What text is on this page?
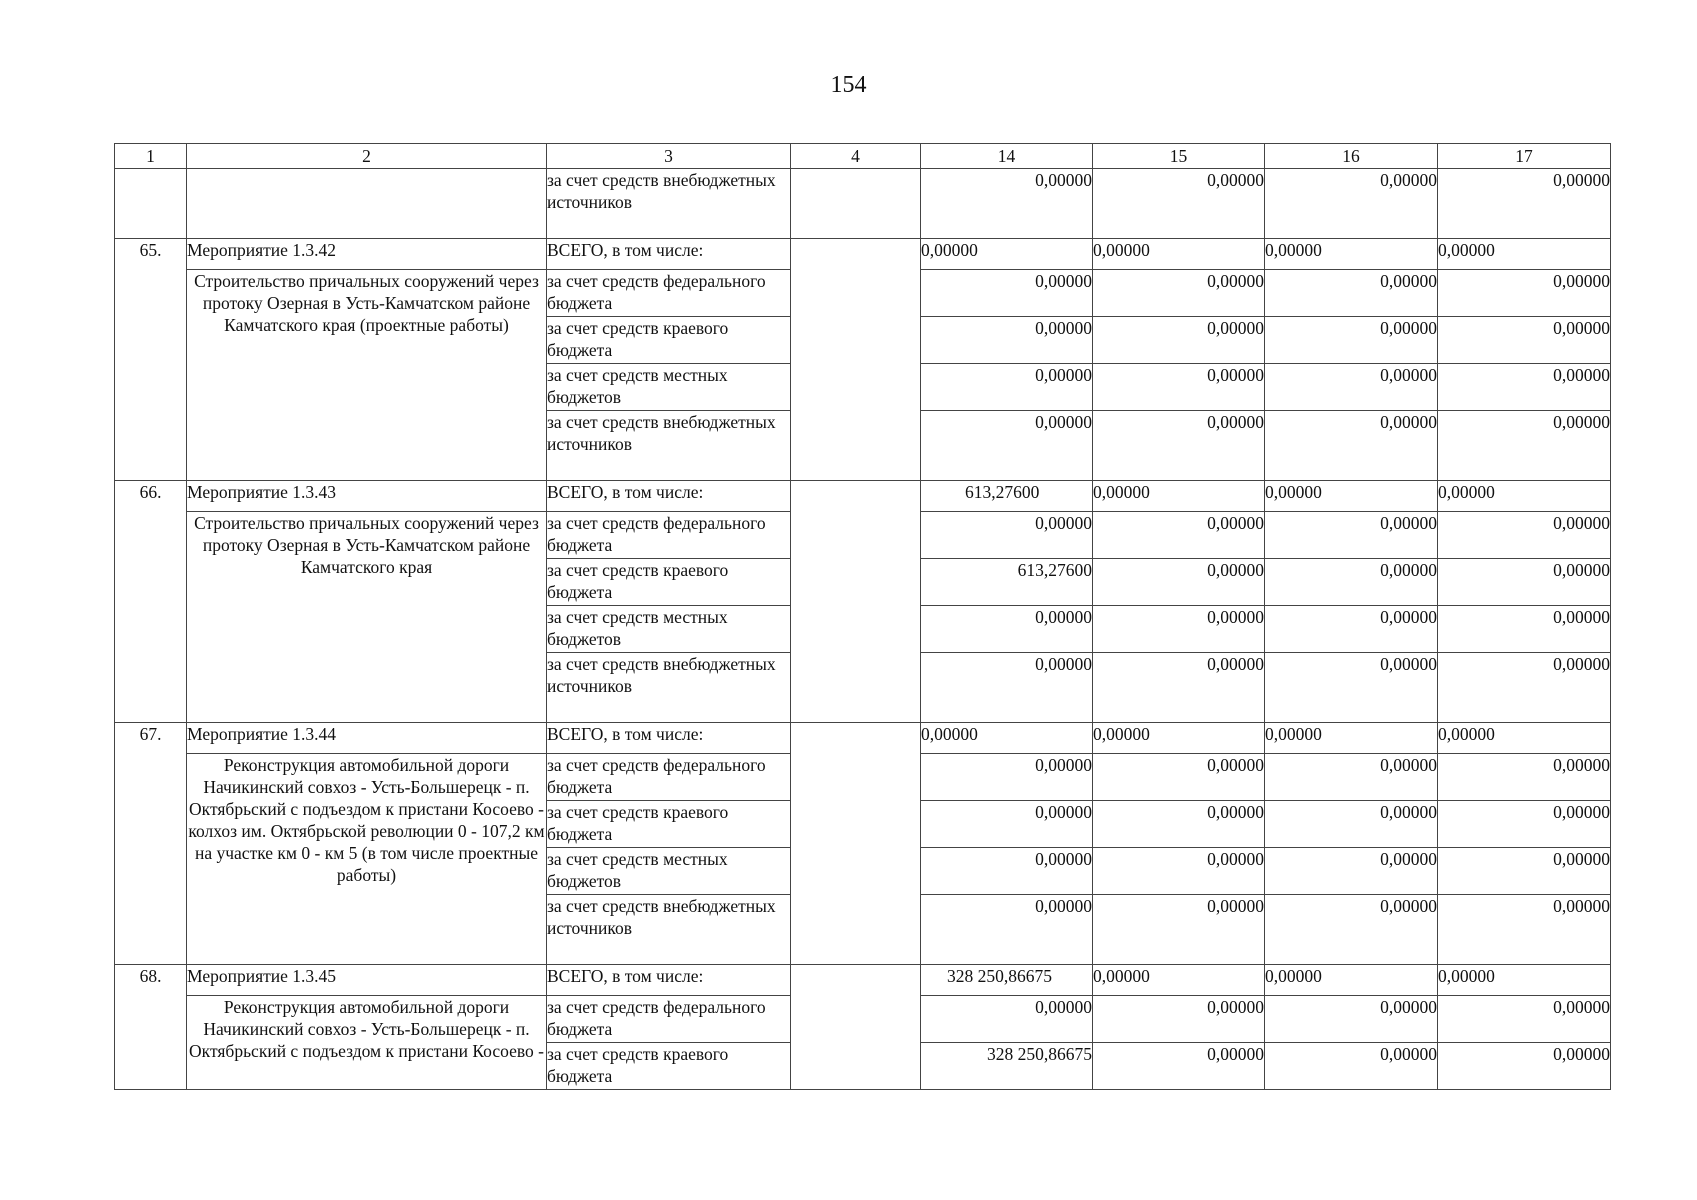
154
1	2	3	4	14	15	16	17
		за счет средств внебюджетных источников		0,00000	0,00000	0,00000	0,00000
65.	Мероприятие 1.3.42	ВСЕГО, в том числе:		0,00000	0,00000	0,00000	0,00000
	Строительство причальных сооружений через протоку Озерная в Усть-Камчатском районе Камчатского края (проектные работы)	за счет средств федерального бюджета		0,00000	0,00000	0,00000	0,00000
		за счет средств краевого бюджета		0,00000	0,00000	0,00000	0,00000
		за счет средств местных бюджетов		0,00000	0,00000	0,00000	0,00000
		за счет средств внебюджетных источников		0,00000	0,00000	0,00000	0,00000
66.	Мероприятие 1.3.43	ВСЕГО, в том числе:		613,27600	0,00000	0,00000	0,00000
	Строительство причальных сооружений через протоку Озерная в Усть-Камчатском районе Камчатского края	за счет средств федерального бюджета		0,00000	0,00000	0,00000	0,00000
		за счет средств краевого бюджета		613,27600	0,00000	0,00000	0,00000
		за счет средств местных бюджетов		0,00000	0,00000	0,00000	0,00000
		за счет средств внебюджетных источников		0,00000	0,00000	0,00000	0,00000
67.	Мероприятие 1.3.44	ВСЕГО, в том числе:		0,00000	0,00000	0,00000	0,00000
	Реконструкция автомобильной дороги Начикинский совхоз - Усть-Большерецк - п. Октябрьский с подъездом к пристани Косоево - колхоз им. Октябрьской революции 0 - 107,2 км на участке км 0 - км 5 (в том числе проектные работы)	за счет средств федерального бюджета		0,00000	0,00000	0,00000	0,00000
		за счет средств краевого бюджета		0,00000	0,00000	0,00000	0,00000
		за счет средств местных бюджетов		0,00000	0,00000	0,00000	0,00000
		за счет средств внебюджетных источников		0,00000	0,00000	0,00000	0,00000
68.	Мероприятие 1.3.45	ВСЕГО, в том числе:		328 250,86675	0,00000	0,00000	0,00000
	Реконструкция автомобильной дороги Начикинский совхоз - Усть-Большерецк - п. Октябрьский с подъездом к пристани Косоево -	за счет средств федерального бюджета		0,00000	0,00000	0,00000	0,00000
		за счет средств краевого бюджета		328 250,86675	0,00000	0,00000	0,00000
